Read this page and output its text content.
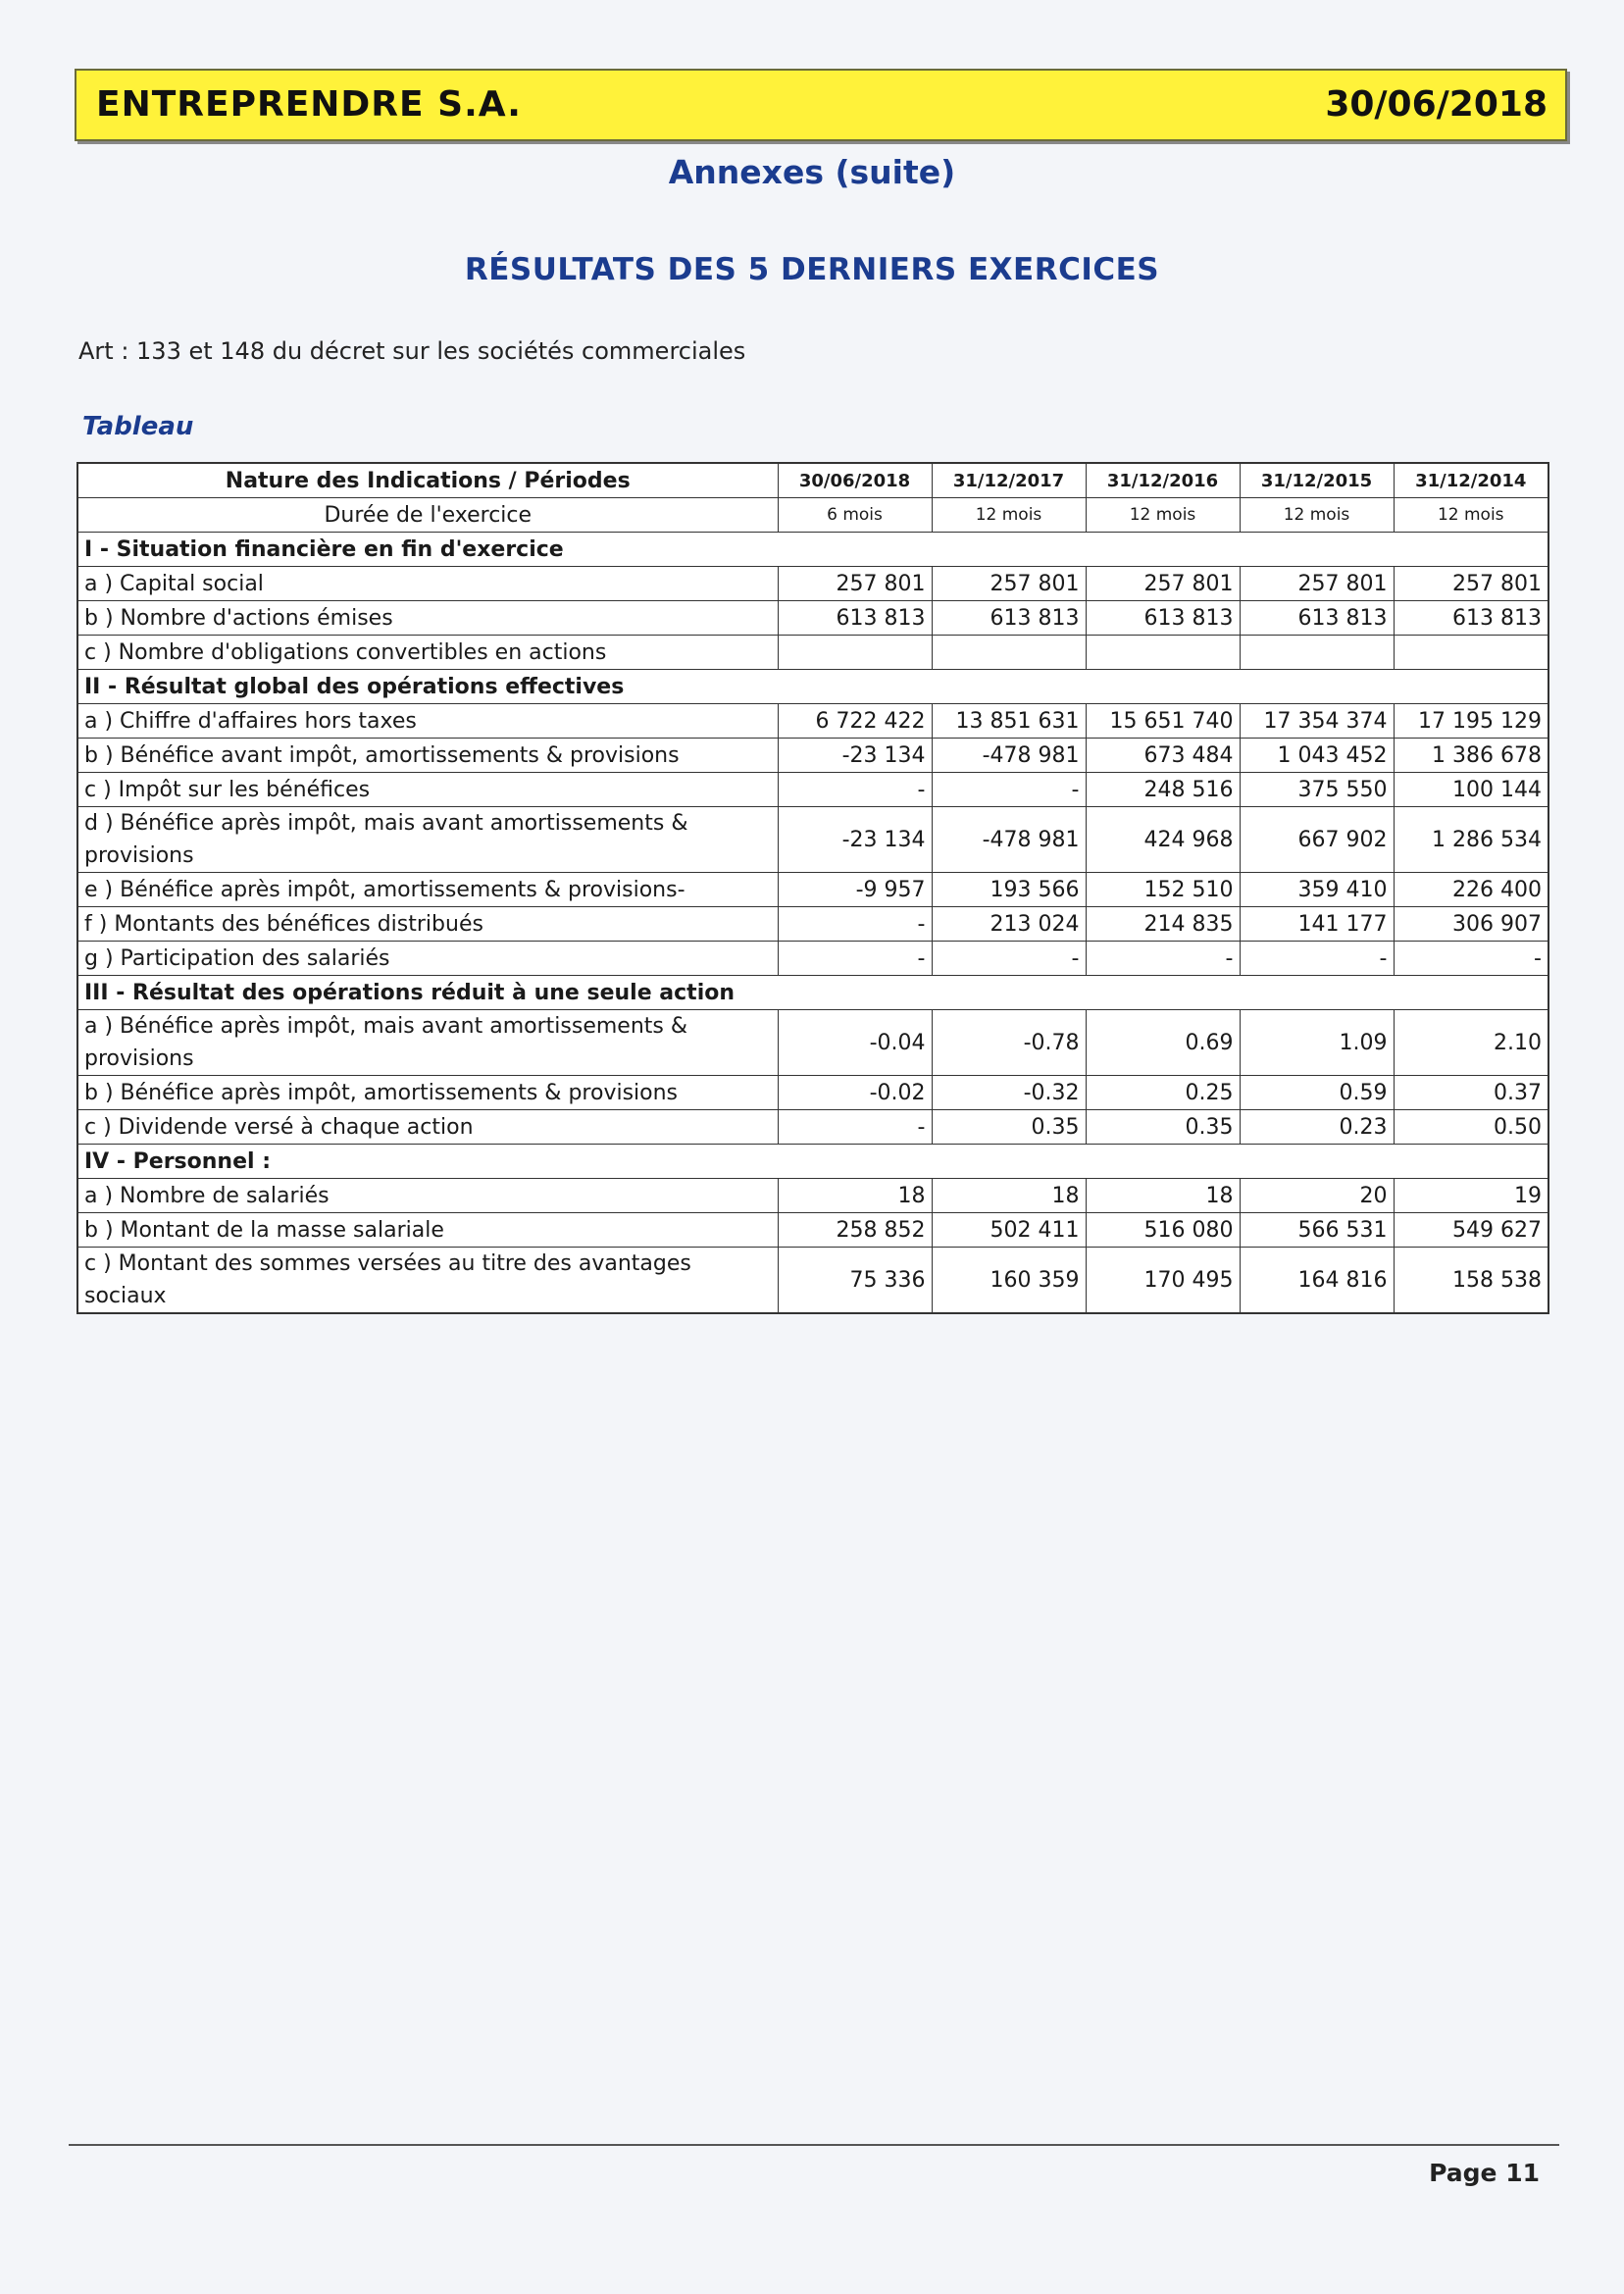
ENTREPRENDRE S.A.	30/06/2018
Annexes (suite)
RÉSULTATS DES 5 DERNIERS EXERCICES
Art : 133 et 148 du décret sur les sociétés commerciales
Tableau
Nature des Indications / Périodes	30/06/2018	31/12/2017	31/12/2016	31/12/2015	31/12/2014
Durée de l'exercice	6 mois	12 mois	12 mois	12 mois	12 mois
I - Situation financière en fin d'exercice					
a ) Capital social	257 801	257 801	257 801	257 801	257 801
b ) Nombre d'actions émises	613 813	613 813	613 813	613 813	613 813
c ) Nombre d'obligations convertibles en actions					
II - Résultat global des opérations effectives					
a ) Chiffre d'affaires hors taxes	6 722 422	13 851 631	15 651 740	17 354 374	17 195 129
b ) Bénéfice avant impôt, amortissements & provisions	-23 134	-478 981	673 484	1 043 452	1 386 678
c ) Impôt sur les bénéfices	-	-	248 516	375 550	100 144
d ) Bénéfice après impôt, mais avant amortissements & provisions	-23 134	-478 981	424 968	667 902	1 286 534
e ) Bénéfice après impôt, amortissements & provisions-	-9 957	193 566	152 510	359 410	226 400
f ) Montants des bénéfices distribués	-	213 024	214 835	141 177	306 907
g ) Participation des salariés	-	-	-	-	-
III - Résultat des opérations réduit à une seule action					
a ) Bénéfice après impôt, mais avant amortissements & provisions	-0.04	-0.78	0.69	1.09	2.10
b ) Bénéfice après impôt, amortissements & provisions	-0.02	-0.32	0.25	0.59	0.37
c ) Dividende versé à chaque action	-	0.35	0.35	0.23	0.50
IV - Personnel :					
a ) Nombre de salariés	18	18	18	20	19
b ) Montant de la masse salariale	258 852	502 411	516 080	566 531	549 627
c ) Montant des sommes versées au titre des avantages sociaux	75 336	160 359	170 495	164 816	158 538
Page 11
